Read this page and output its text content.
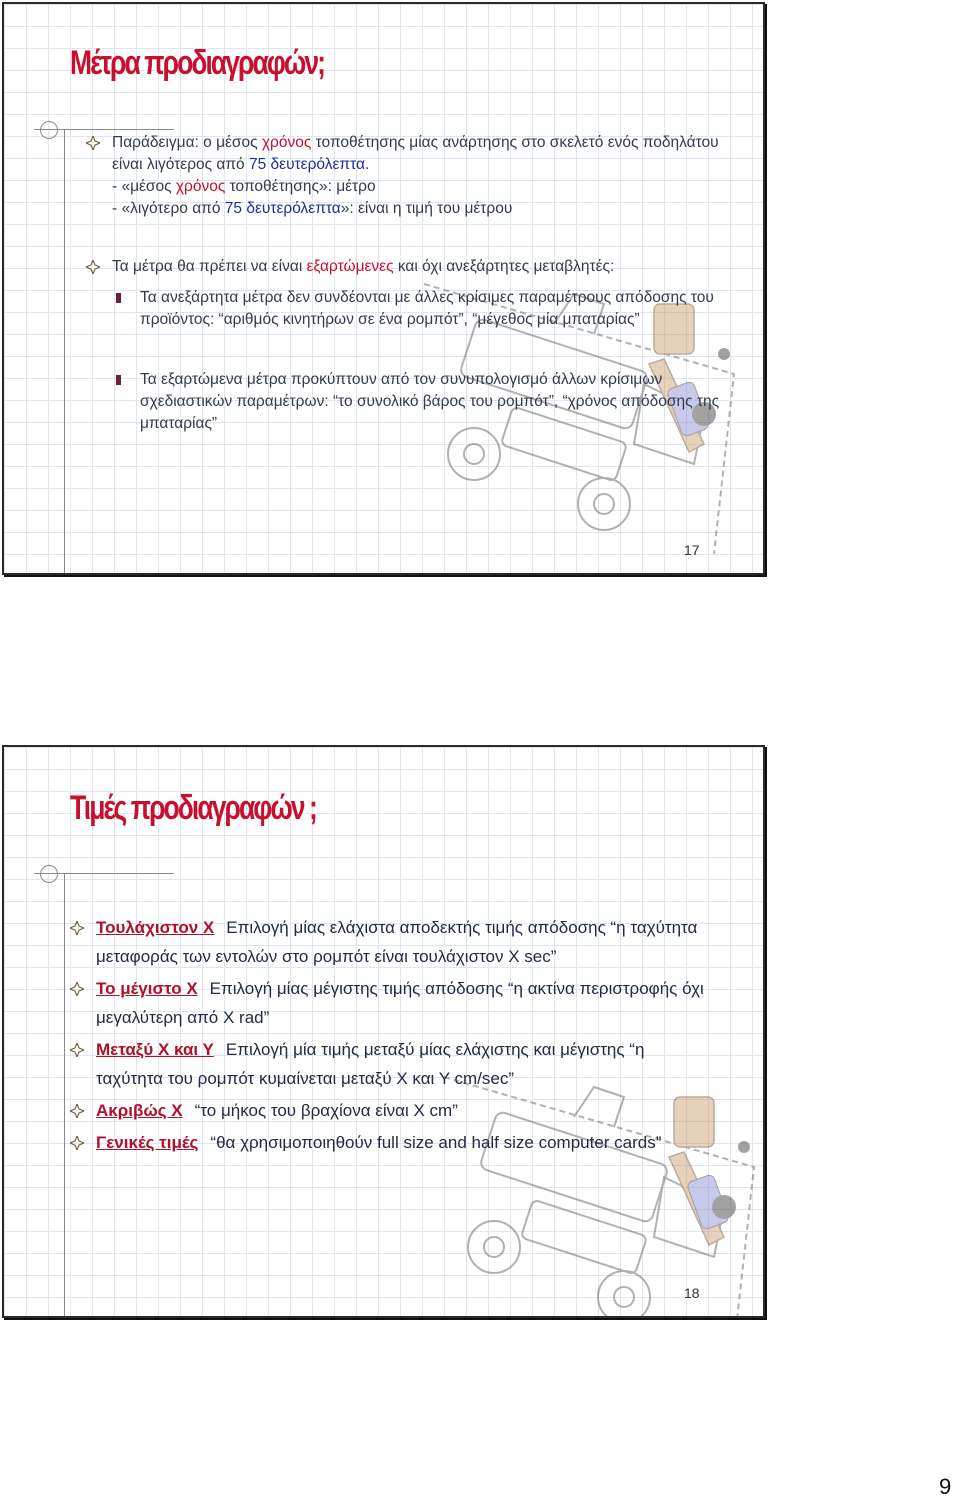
Μέτρα προδιαγραφών;
Παράδειγμα: ο μέσος χρόνος τοποθέτησης μίας ανάρτησης στο σκελετό ενός ποδηλάτου είναι λιγότερος από 75 δευτερόλεπτα.
- «μέσος χρόνος τοποθέτησης»: μέτρο
- «λιγότερο από 75 δευτερόλεπτα»: είναι η τιμή του μέτρου
Τα μέτρα θα πρέπει να είναι εξαρτώμενες και όχι ανεξάρτητες μεταβλητές:
Τα ανεξάρτητα μέτρα δεν συνδέονται με άλλες κρίσιμες παραμέτρους απόδοσης του προϊόντος: “αριθμός κινητήρων σε ένα ρομπότ”, “μέγεθος μία μπαταρίας”
Τα εξαρτώμενα μέτρα προκύπτουν από τον συνυπολογισμό άλλων κρίσιμων σχεδιαστικών παραμέτρων: “το συνολικό βάρος του ρομπότ”, “χρόνος απόδοσης της μπαταρίας”
17
Τιμές προδιαγραφών ;
Τουλάχιστον Χ Επιλογή μίας ελάχιστα αποδεκτής τιμής απόδοσης “η ταχύτητα μεταφοράς των εντολών στο ρομπότ είναι τουλάχιστον Χ sec”
Το μέγιστο Χ Επιλογή μίας μέγιστης τιμής απόδοσης “η ακτίνα περιστροφής όχι μεγαλύτερη από Χ rad”
Μεταξύ Χ και Υ Επιλογή μία τιμής μεταξύ μίας ελάχιστης και μέγιστης “η ταχύτητα του ρομπότ κυμαίνεται μεταξύ Χ και Υ cm/sec”
Ακριβώς Χ “το μήκος του βραχίονα είναι Χ cm”
Γενικές τιμές “θα χρησιμοποιηθούν full size and half size computer cards”
18
9
